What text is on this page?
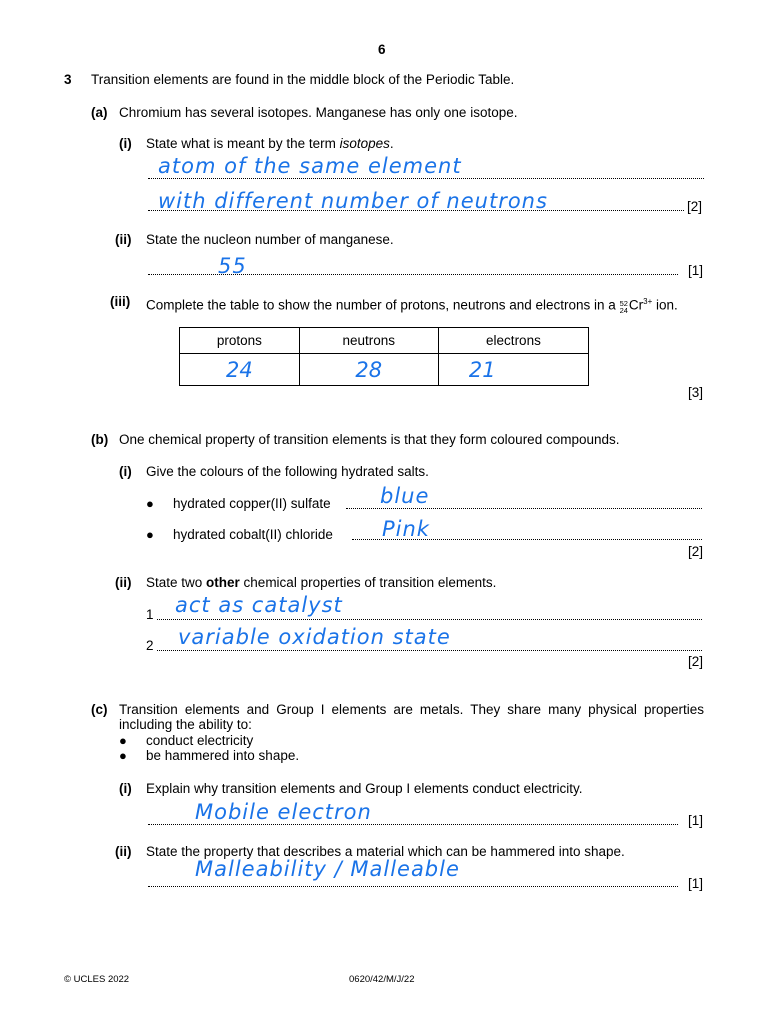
6
3 Transition elements are found in the middle block of the Periodic Table.
(a) Chromium has several isotopes. Manganese has only one isotope.
(i) State what is meant by the term isotopes.
atom of the same element
with different number of neutrons	[2]
(ii) State the nucleon number of manganese.
55	[1]
(iii) Complete the table to show the number of protons, neutrons and electrons in a 52
$24Cr^{3+}$ ion.
protons	neutrons	electrons
24	28	21
[3]
(b) One chemical property of transition elements is that they form coloured compounds.
(i) Give the colours of the following hydrated salts.
● hydrated copper(II) sulfate blue
● hydrated cobalt(II) chloride Pink
[2]
(ii) State two other chemical properties of transition elements.
1 act as catalyst
2 variable oxidation state
[2]
(c) Transition elements and Group I elements are metals. They share many physical properties
including the ability to:
● conduct electricity
● be hammered into shape.
(i) Explain why transition elements and Group I elements conduct electricity.
Mobile electron	[1]
(ii) State the property that describes a material which can be hammered into shape.
Malleability / Malleable
[1]
© UCLES 2022	0620/42/M/J/22
